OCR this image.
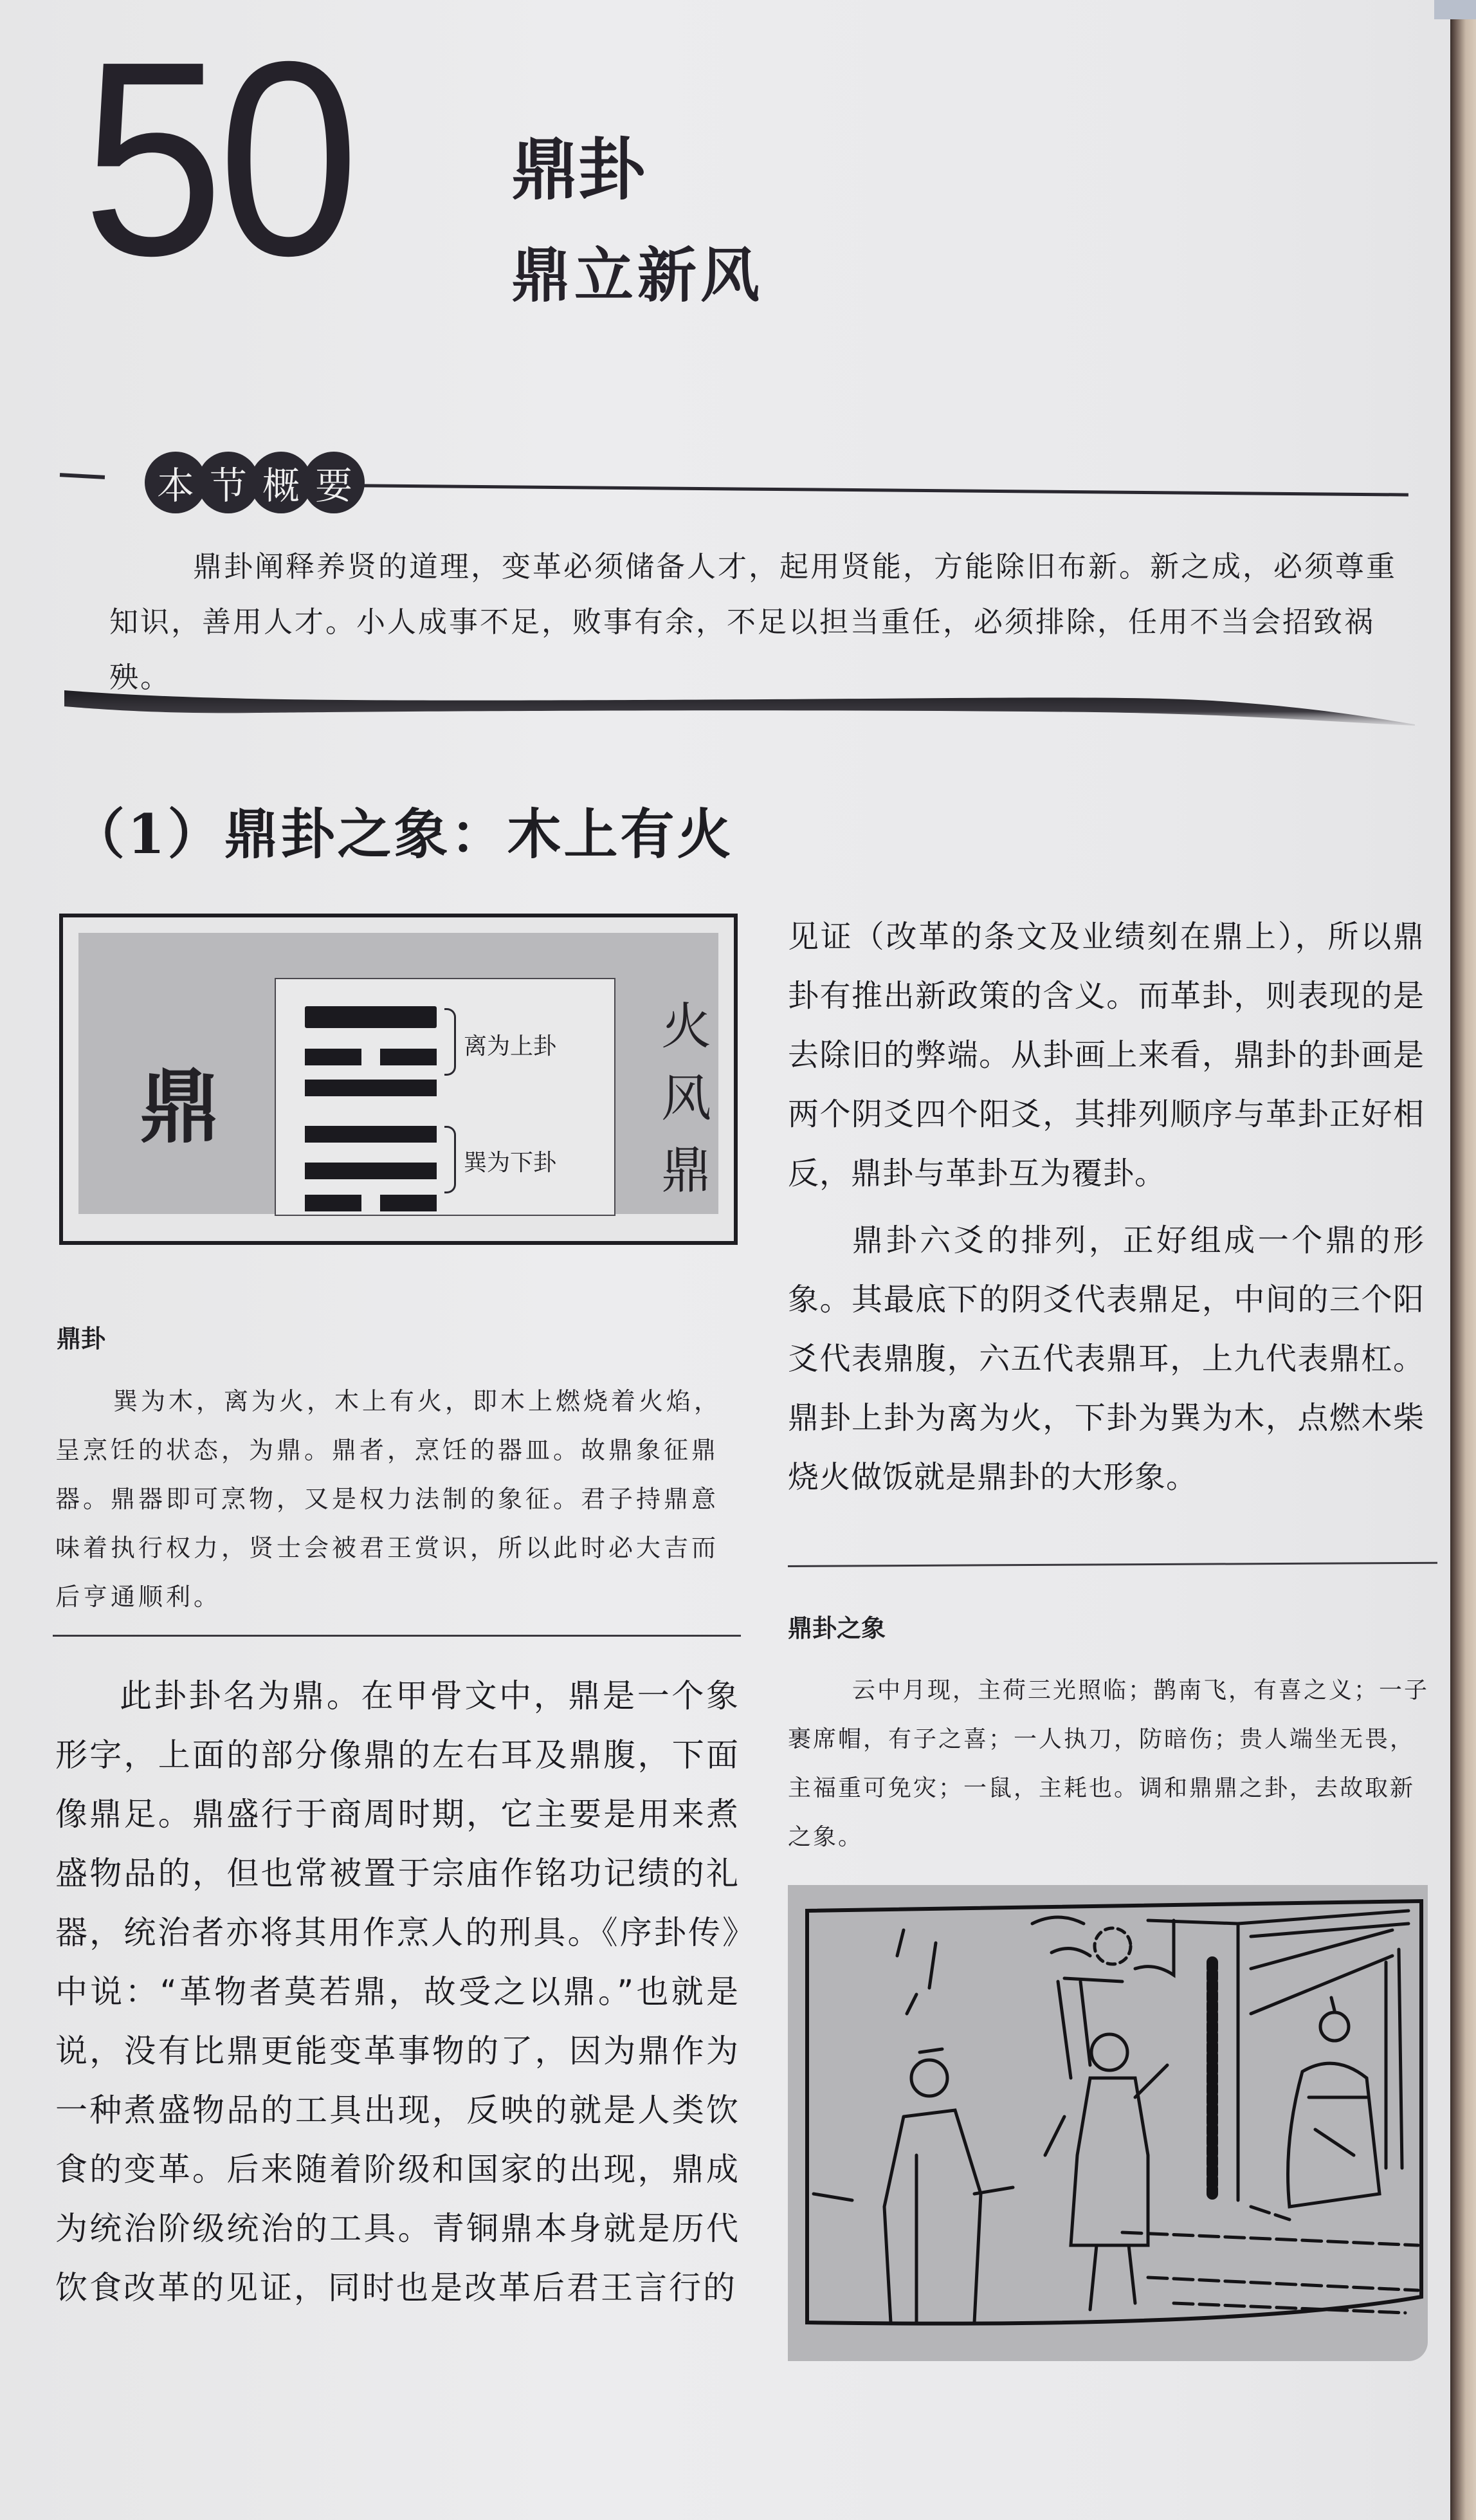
50 鼎卦
鼎立新风
本 节 概 要
鼎卦阐释养贤的道理，变革必须储备人才，起用贤能，方能除旧布新。新之成，必须尊重知识，善用人才。小人成事不足，败事有余，不足以担当重任，必须排除，任用不当会招致祸殃。
（1）鼎卦之象：木上有火
鼎
离为上卦
巽为下卦
火
风
鼎
鼎卦
巽为木，离为火，木上有火，即木上燃烧着火焰，呈烹饪的状态，为鼎。鼎者，烹饪的器皿。故鼎象征鼎器。鼎器即可烹物，又是权力法制的象征。君子持鼎意味着执行权力，贤士会被君王赏识，所以此时必大吉而后亨通顺利。
此卦卦名为鼎。在甲骨文中，鼎是一个象形字，上面的部分像鼎的左右耳及鼎腹，下面像鼎足。鼎盛行于商周时期，它主要是用来煮盛物品的，但也常被置于宗庙作铭功记绩的礼器，统治者亦将其用作烹人的刑具。《序卦传》中说：“革物者莫若鼎，故受之以鼎。”也就是说，没有比鼎更能变革事物的了，因为鼎作为一种煮盛物品的工具出现，反映的就是人类饮食的变革。后来随着阶级和国家的出现，鼎成为统治阶级统治的工具。青铜鼎本身就是历代饮食改革的见证，同时也是改革后君王言行的

见证（改革的条文及业绩刻在鼎上），所以鼎卦有推出新政策的含义。而革卦，则表现的是去除旧的弊端。从卦画上来看，鼎卦的卦画是两个阴爻四个阳爻，其排列顺序与革卦正好相反，鼎卦与革卦互为覆卦。

鼎卦六爻的排列，正好组成一个鼎的形象。其最底下的阴爻代表鼎足，中间的三个阳爻代表鼎腹，六五代表鼎耳，上九代表鼎杠。鼎卦上卦为离为火，下卦为巽为木，点燃木柴烧火做饭就是鼎卦的大形象。

鼎卦之象
云中月现，主荷三光照临；鹊南飞，有喜之义；一子裹席帽，有子之喜；一人执刀，防暗伤；贵人端坐无畏，主福重可免灾；一鼠，主耗也。调和鼎鼎之卦，去故取新之象。
